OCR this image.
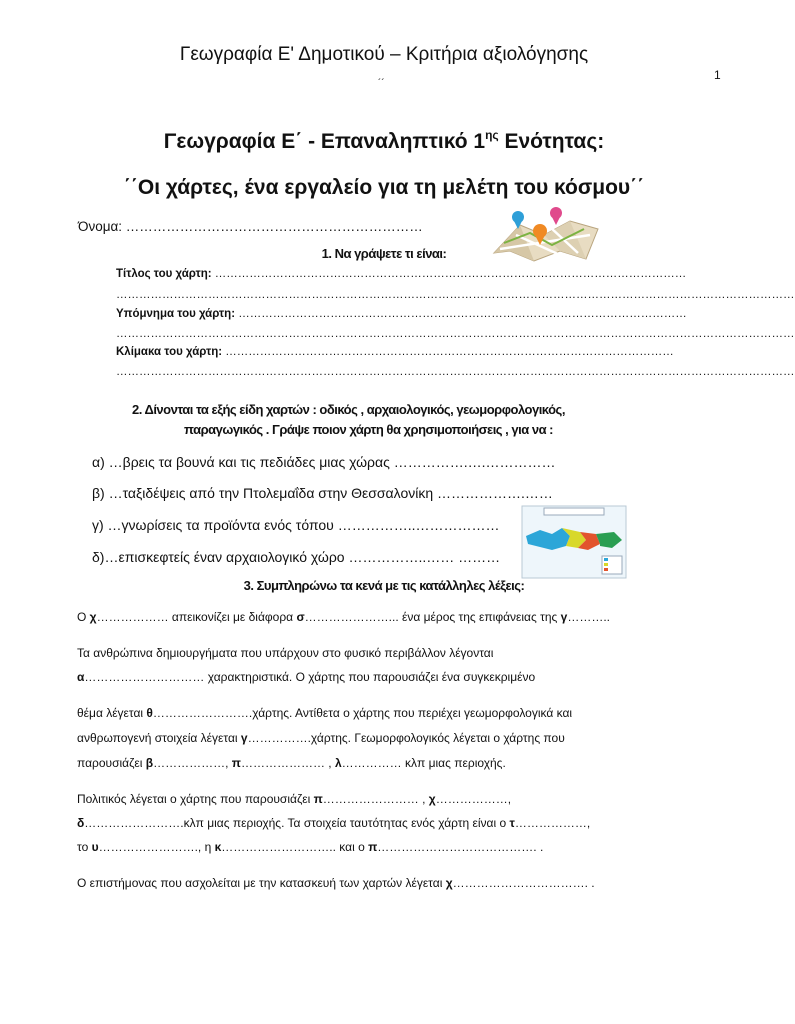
Γεωγραφία Ε' Δημοτικού – Κριτήρια αξιολόγησης
1
´´
Γεωγραφία Ε΄ - Επαναληπτικό $1^{\eta\varsigma}$ Ενότητας:
΄΄Οι χάρτες, ένα εργαλείο για τη μελέτη του κόσμου΄΄
Όνομα: …………………………………………………………
1. Να γράψετε τι είναι:
Τίτλος του χάρτη: ……………………………………………………………………………………………………………
……………………………………………………………………………………………………………………………………………………………
Υπόμνημα του χάρτη: ………………………………………………………………………………………………………
……………………………………………………………………………………………………………………………………………………………
Κλίμακα του χάρτη: ………………………………………………………………………………………………………
……………………………………………………………………………………………………………………………………………………………
2. Δίνονται τα εξής είδη χαρτών : οδικός , αρχαιολογικός, γεωμορφολογικός,
παραγωγικός . Γράψε ποιον χάρτη θα χρησιμοποιήσεις , για να :
α) …βρεις τα βουνά και τις πεδιάδες μιας χώρας …………….….……………
β) …ταξιδέψεις από την Πτολεμαΐδα στην Θεσσαλονίκη ……………….……
γ) …γνωρίσεις τα προϊόντα ενός τόπου ……………..………………
δ)…επισκεφτείς έναν αρχαιολογικό χώρο ……………..…… ………
3. Συμπληρώνω τα κενά με τις κατάλληλες λέξεις:
Ο χ……………… απεικονίζει με διάφορα σ…………………... ένα μέρος της επιφάνειας της γ………..
Τα ανθρώπινα δημιουργήματα που υπάρχουν στο φυσικό περιβάλλον λέγονται
α………………………… χαρακτηριστικά. Ο χάρτης που παρουσιάζει ένα συγκεκριμένο
θέμα λέγεται θ…………………….χάρτης. Αντίθετα ο χάρτης που περιέχει γεωμορφολογικά και
ανθρωπογενή στοιχεία λέγεται γ…………….χάρτης. Γεωμορφολογικός λέγεται ο χάρτης που
παρουσιάζει β………………, π………………… , λ…………… κλπ μιας περιοχής.
Πολιτικός λέγεται ο χάρτης που παρουσιάζει π…………………… , χ………………,
δ…………………….κλπ μιας περιοχής. Τα στοιχεία ταυτότητας ενός χάρτη είναι ο τ………………,
το υ……………………., η κ……………………….. και ο π…………………………………. .
Ο επιστήμονας που ασχολείται με την κατασκευή των χαρτών λέγεται χ……………………………. .
